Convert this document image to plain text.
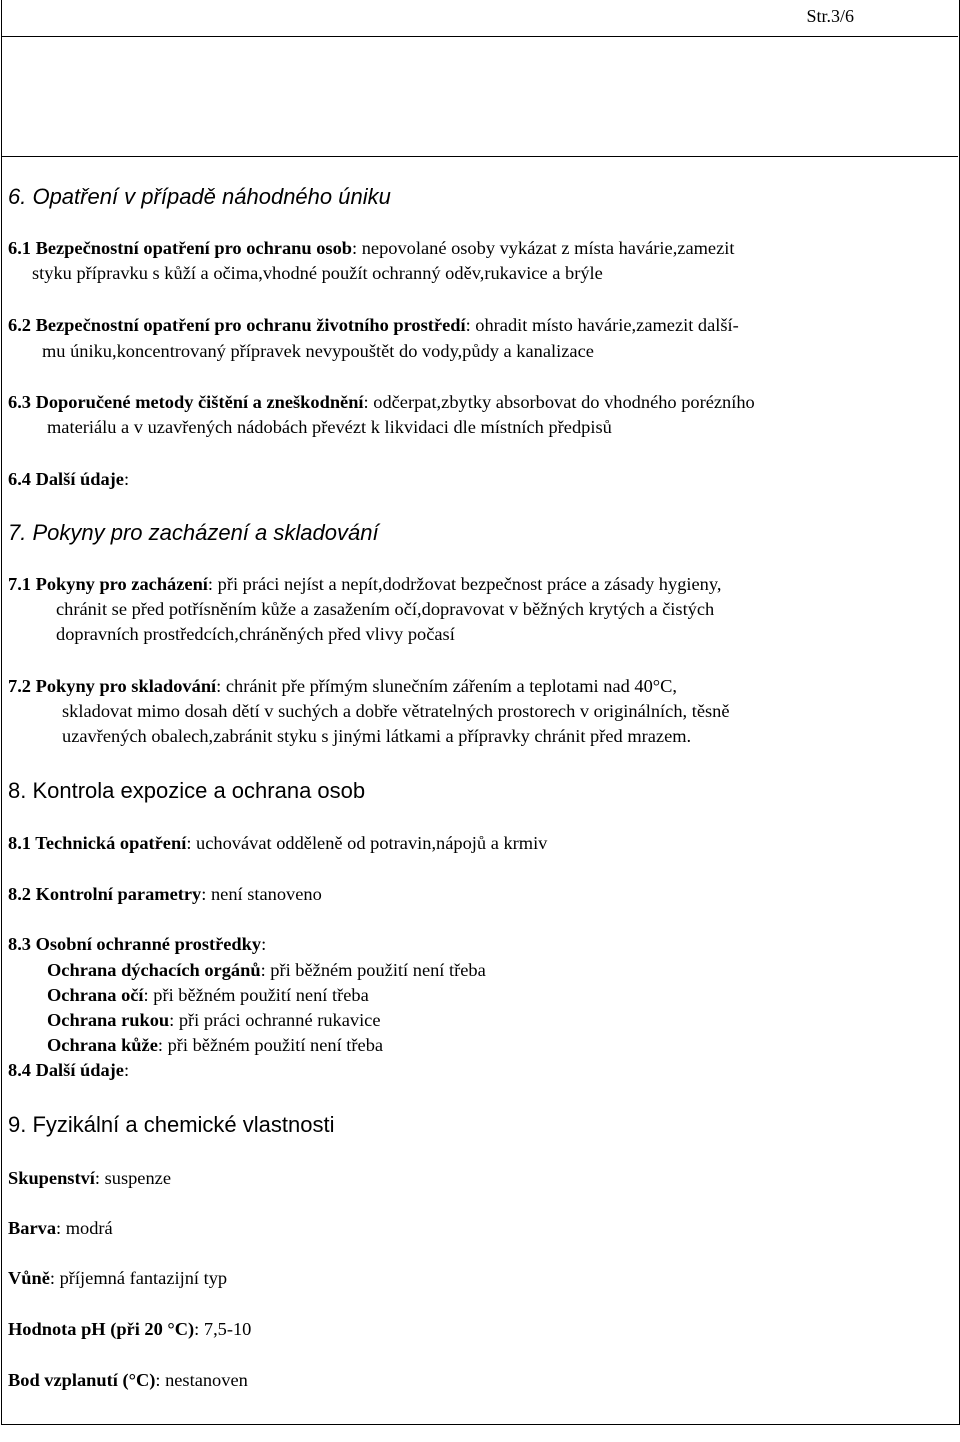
Str.3/6
6. Opatření v případě náhodného úniku
6.1 Bezpečnostní opatření pro ochranu osob: nepovolané osoby vykázat z místa havárie,zamezit
styku přípravku s kůží a očima,vhodné použít ochranný oděv,rukavice a brýle
6.2 Bezpečnostní opatření pro ochranu životního prostředí: ohradit místo havárie,zamezit další-
mu úniku,koncentrovaný přípravek nevypouštět do vody,půdy a kanalizace
6.3 Doporučené metody čištění a zneškodnění: odčerpat,zbytky absorbovat do vhodného porézního
materiálu a v uzavřených nádobách převézt k likvidaci dle místních předpisů
6.4 Další údaje:
7. Pokyny pro zacházení a skladování
7.1 Pokyny pro zacházení: při práci nejíst a nepít,dodržovat bezpečnost práce a zásady hygieny,
chránit se před potřísněním kůže a zasažením očí,dopravovat v běžných krytých a čistých
dopravních prostředcích,chráněných před vlivy počasí
7.2 Pokyny pro skladování: chránit pře přímým slunečním zářením a teplotami nad 40°C,
skladovat mimo dosah dětí v suchých a dobře větratelných prostorech v originálních, těsně
uzavřených obalech,zabránit styku s jinými látkami a přípravky chránit před mrazem.
8. Kontrola expozice a ochrana osob
8.1 Technická opatření: uchovávat odděleně od potravin,nápojů a krmiv
8.2 Kontrolní parametry: není stanoveno
8.3 Osobní ochranné prostředky:
Ochrana dýchacích orgánů: při běžném použití není třeba
Ochrana očí: při běžném použití není třeba
Ochrana rukou: při práci ochranné rukavice
Ochrana kůže: při běžném použití není třeba
8.4 Další údaje:
9. Fyzikální a chemické vlastnosti
Skupenství: suspenze
Barva: modrá
Vůně: příjemná fantazijní typ
Hodnota pH (při 20 °C): 7,5-10
Bod vzplanutí (°C): nestanoven
